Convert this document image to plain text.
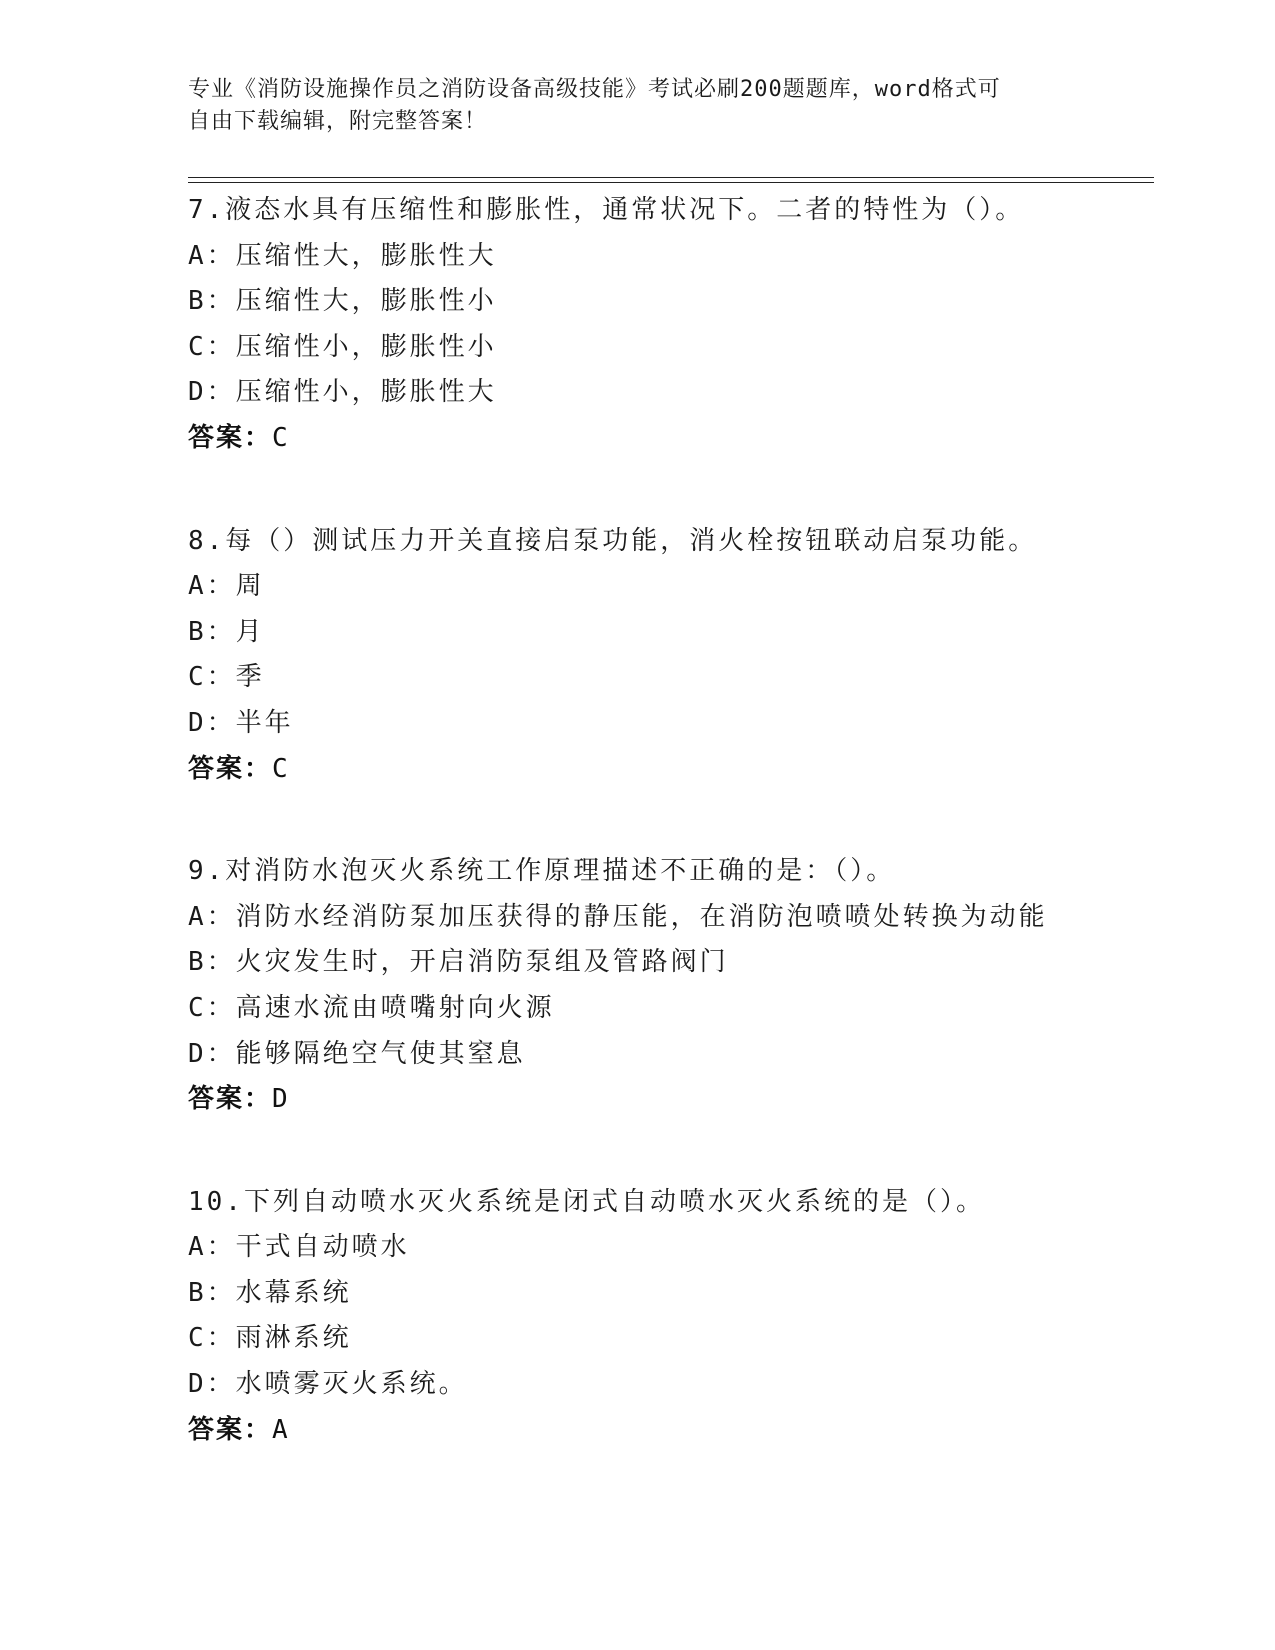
专业《消防设施操作员之消防设备高级技能》考试必刷200题题库，word格式可
自由下载编辑，附完整答案！
7.液态水具有压缩性和膨胀性，通常状况下。二者的特性为（）。
A：压缩性大，膨胀性大
B：压缩性大，膨胀性小
C：压缩性小，膨胀性小
D：压缩性小，膨胀性大
答案：C
8.每（）测试压力开关直接启泵功能，消火栓按钮联动启泵功能。
A：周
B：月
C：季
D：半年
答案：C
9.对消防水泡灭火系统工作原理描述不正确的是：（）。
A：消防水经消防泵加压获得的静压能，在消防泡喷喷处转换为动能
B：火灾发生时，开启消防泵组及管路阀门
C：高速水流由喷嘴射向火源
D：能够隔绝空气使其窒息
答案：D
10.下列自动喷水灭火系统是闭式自动喷水灭火系统的是（）。
A：干式自动喷水
B：水幕系统
C：雨淋系统
D：水喷雾灭火系统。
答案：A
